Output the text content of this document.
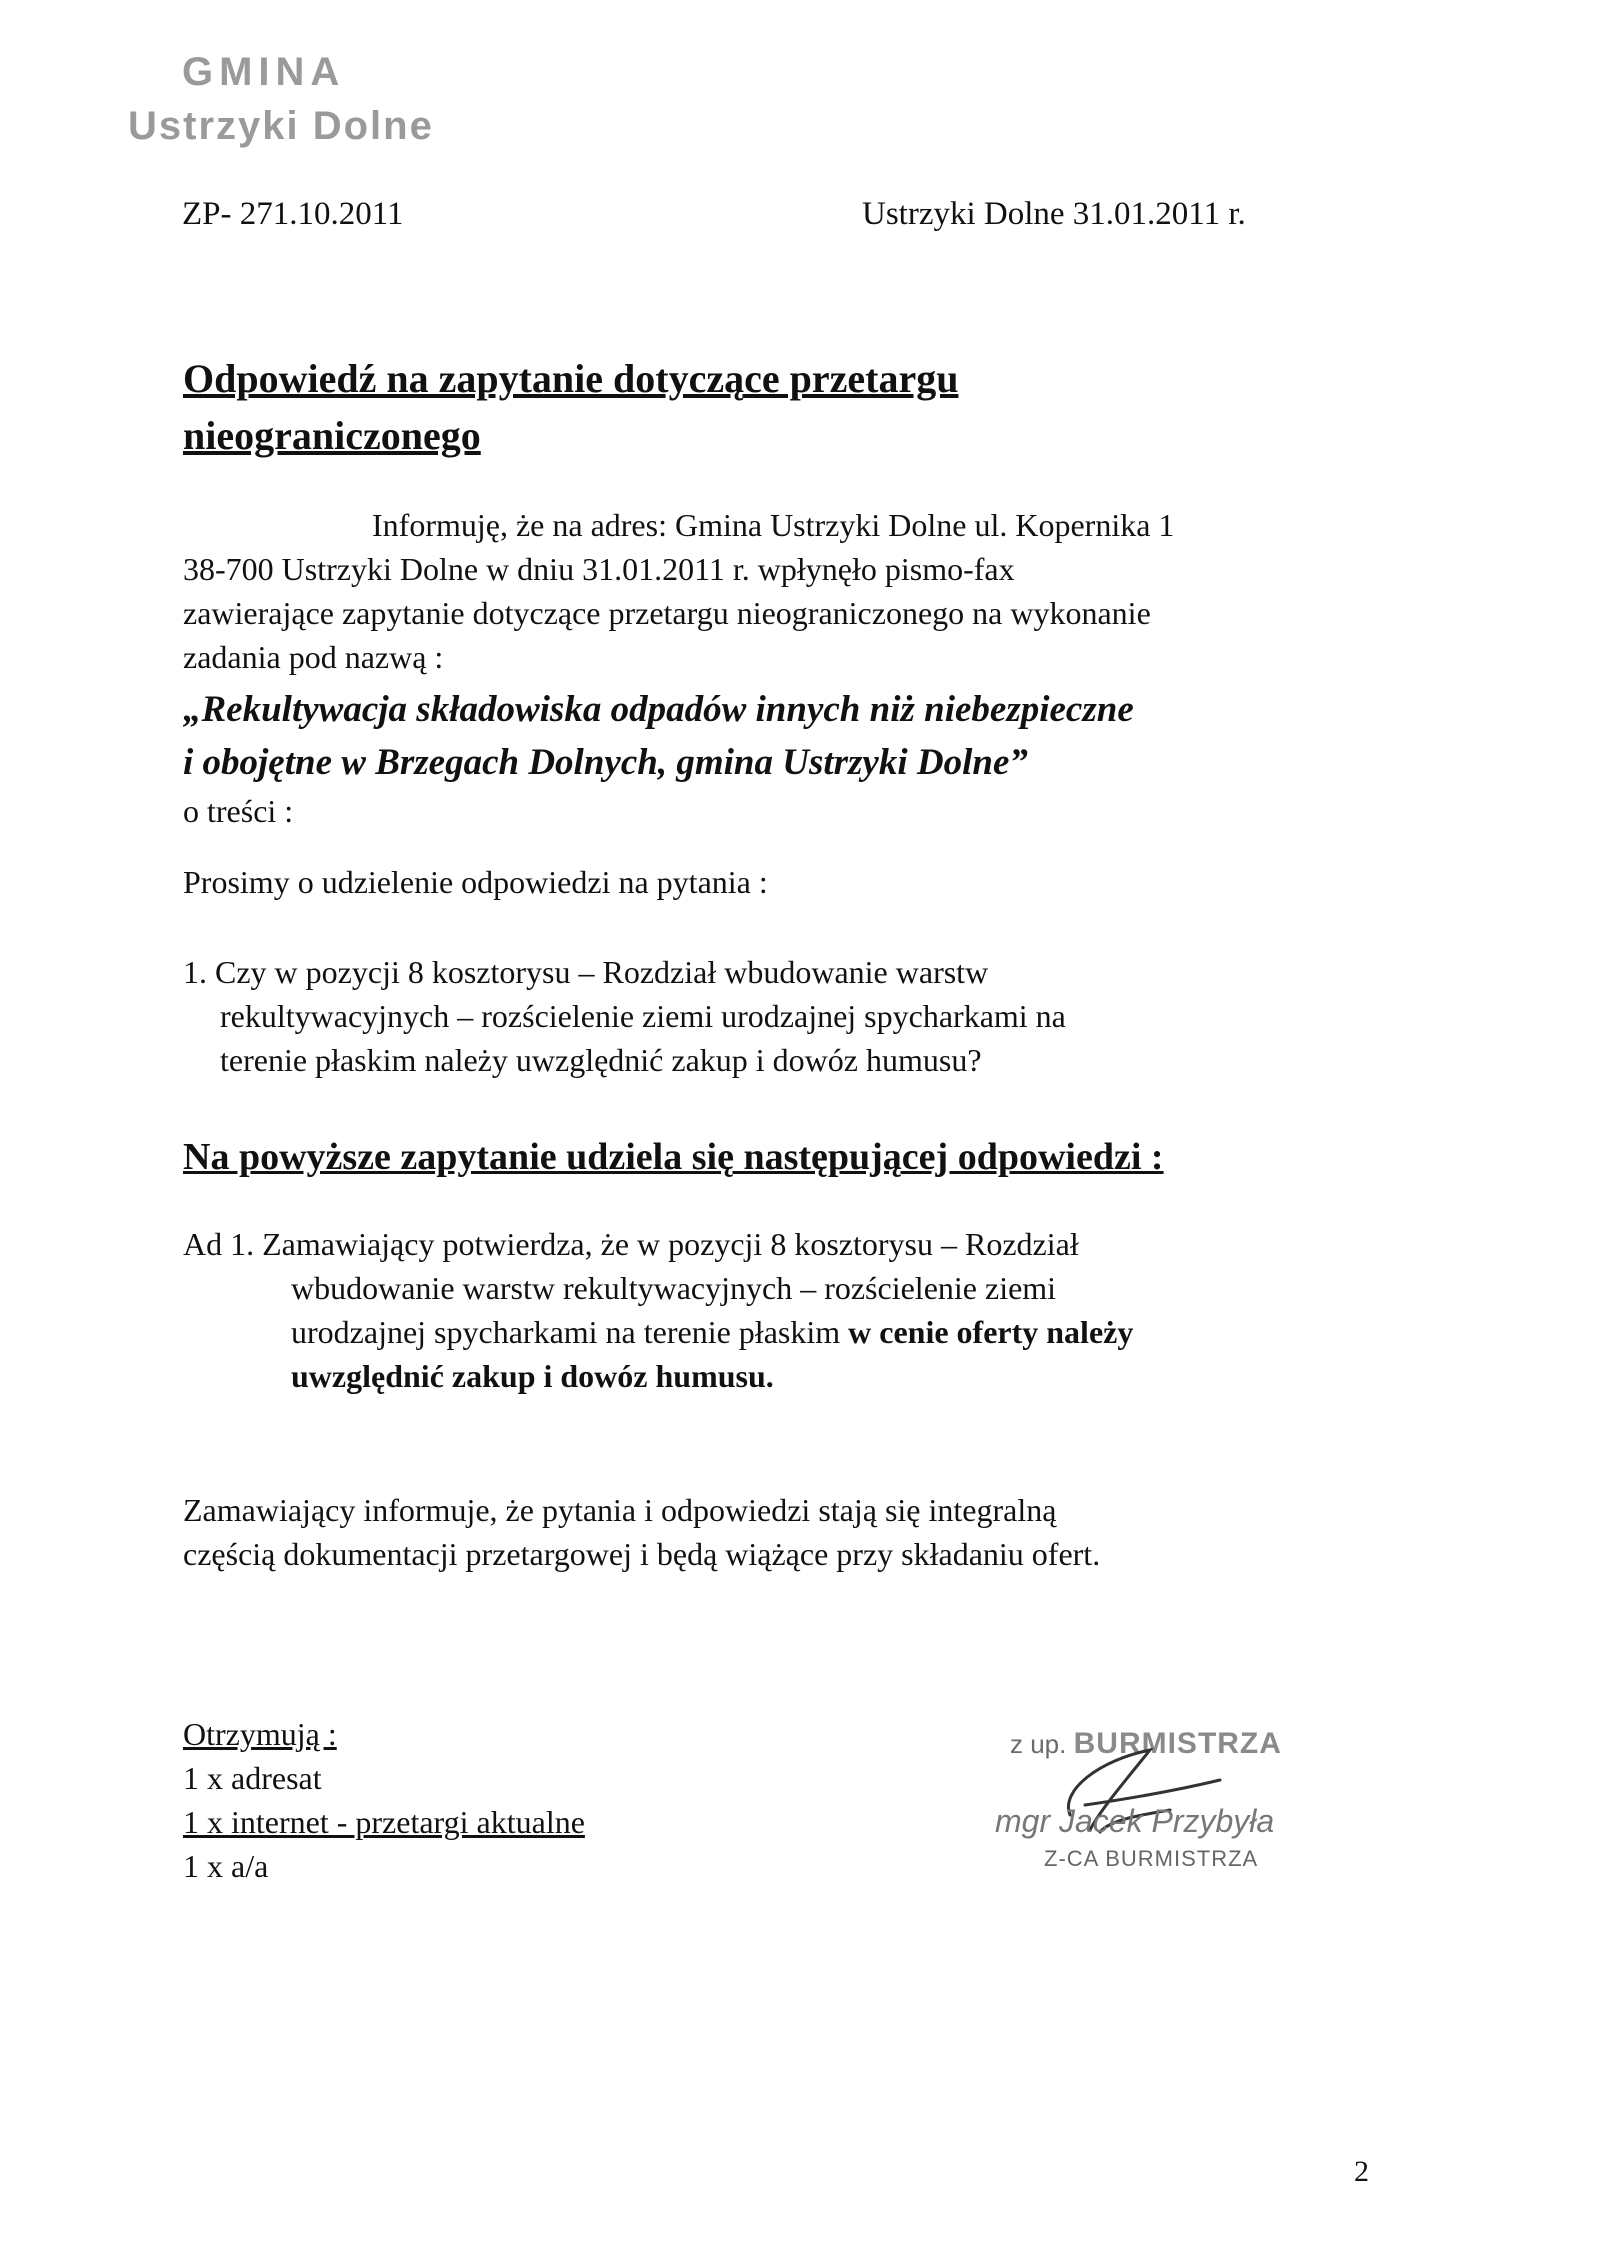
GMINA
Ustrzyki Dolne
ZP- 271.10.2011	Ustrzyki Dolne 31.01.2011 r.
Odpowiedź na zapytanie dotyczące przetargu nieograniczonego
Informuję, że na adres: Gmina Ustrzyki Dolne ul. Kopernika 1
38-700 Ustrzyki Dolne w dniu 31.01.2011 r. wpłynęło pismo-fax
zawierające zapytanie dotyczące przetargu nieograniczonego na wykonanie
zadania pod nazwą :
„Rekultywacja składowiska odpadów innych niż niebezpieczne
i obojętne w Brzegach Dolnych, gmina Ustrzyki Dolne”
o treści :
Prosimy o udzielenie odpowiedzi na pytania :
1. Czy w pozycji 8 kosztorysu – Rozdział wbudowanie warstw
rekultywacyjnych – rozścielenie ziemi urodzajnej spycharkami na
terenie płaskim należy uwzględnić zakup i dowóz humusu?
Na powyższe zapytanie udziela się następującej odpowiedzi :
Ad 1. Zamawiający potwierdza, że w pozycji 8 kosztorysu – Rozdział
wbudowanie warstw rekultywacyjnych – rozścielenie ziemi
urodzajnej spycharkami na terenie płaskim w cenie oferty należy
uwzględnić zakup i dowóz humusu.
Zamawiający informuje, że pytania i odpowiedzi stają się integralną
częścią dokumentacji przetargowej i będą wiążące przy składaniu ofert.
Otrzymują :
1 x adresat
1 x internet - przetargi aktualne
1 x a/a
z up. BURMISTRZA
mgr Jacek Przybyła
Z-CA BURMISTRZA
2
